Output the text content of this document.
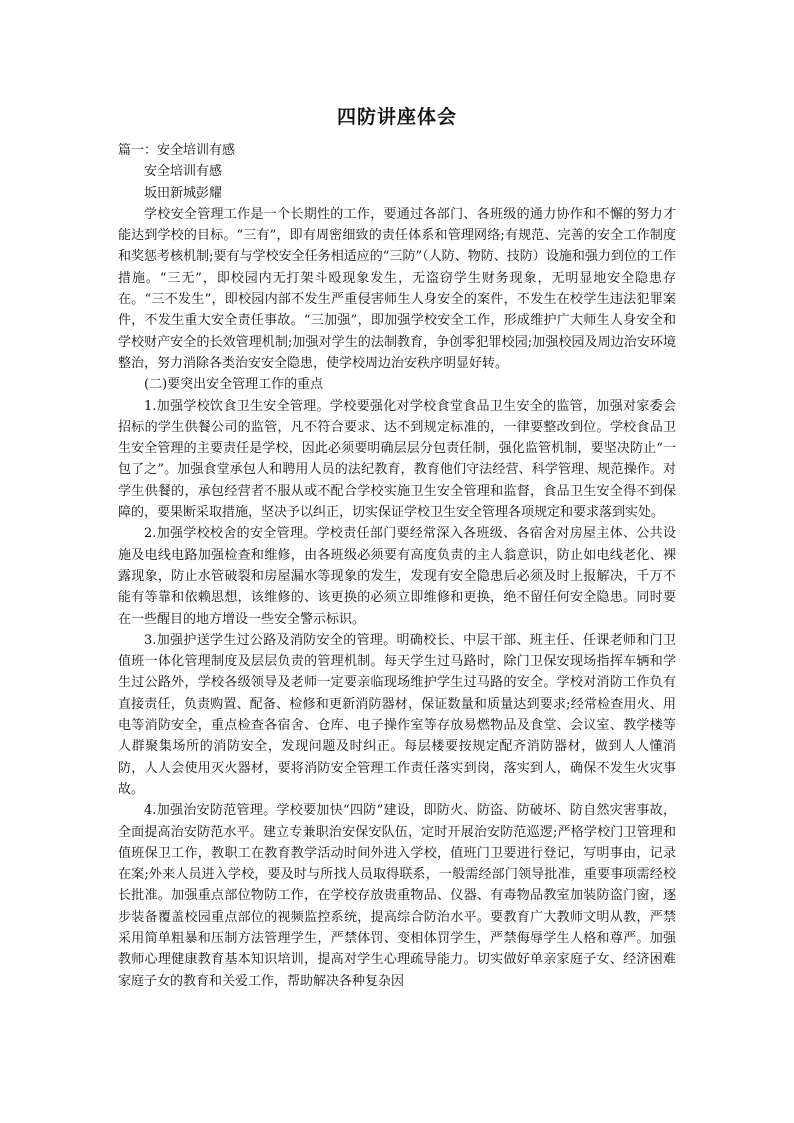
四防讲座体会

篇一：安全培训有感

安全培训有感

坂田新城彭耀

学校安全管理工作是一个长期性的工作，要通过各部门、各班级的通力协作和不懈的努力才能达到学校的目标。“三有”，即有周密细致的责任体系和管理网络;有规范、完善的安全工作制度和奖惩考核机制;要有与学校安全任务相适应的“三防”（人防、物防、技防）设施和强力到位的工作措施。“三无”，即校园内无打架斗殴现象发生，无盗窃学生财务现象，无明显地安全隐患存在。“三不发生”，即校园内部不发生严重侵害师生人身安全的案件，不发生在校学生违法犯罪案件，不发生重大安全责任事故。“三加强”，即加强学校安全工作，形成维护广大师生人身安全和学校财产安全的长效管理机制;加强对学生的法制教育，争创零犯罪校园;加强校园及周边治安环境整治，努力消除各类治安安全隐患，使学校周边治安秩序明显好转。

(二)要突出安全管理工作的重点

1.加强学校饮食卫生安全管理。学校要强化对学校食堂食品卫生安全的监管，加强对家委会招标的学生供餐公司的监管，凡不符合要求、达不到规定标准的，一律要整改到位。学校食品卫生安全管理的主要责任是学校，因此必须要明确层层分包责任制，强化监管机制，要坚决防止“一包了之”。加强食堂承包人和聘用人员的法纪教育，教育他们守法经营、科学管理、规范操作。对学生供餐的，承包经营者不服从或不配合学校实施卫生安全管理和监督，食品卫生安全得不到保障的，要果断采取措施，坚决予以纠正，切实保证学校卫生安全管理各项规定和要求落到实处。

2.加强学校校舍的安全管理。学校责任部门要经常深入各班级、各宿舍对房屋主体、公共设施及电线电路加强检查和维修，由各班级必须要有高度负责的主人翁意识，防止如电线老化、裸露现象，防止水管破裂和房屋漏水等现象的发生，发现有安全隐患后必须及时上报解决，千万不能有等靠和依赖思想，该维修的、该更换的必须立即维修和更换，绝不留任何安全隐患。同时要在一些醒目的地方增设一些安全警示标识。

3.加强护送学生过公路及消防安全的管理。明确校长、中层干部、班主任、任课老师和门卫值班一体化管理制度及层层负责的管理机制。每天学生过马路时，除门卫保安现场指挥车辆和学生过公路外，学校各级领导及老师一定要亲临现场维护学生过马路的安全。学校对消防工作负有直接责任，负责购置、配备、检修和更新消防器材，保证数量和质量达到要求;经常检查用火、用电等消防安全，重点检查各宿舍、仓库、电子操作室等存放易燃物品及食堂、会议室、教学楼等人群聚集场所的消防安全，发现问题及时纠正。每层楼要按规定配齐消防器材，做到人人懂消防，人人会使用灭火器材，要将消防安全管理工作责任落实到岗，落实到人，确保不发生火灾事故。

4.加强治安防范管理。学校要加快“四防”建设，即防火、防盗、防破坏、防自然灾害事故，全面提高治安防范水平。建立专兼职治安保安队伍，定时开展治安防范巡逻;严格学校门卫管理和值班保卫工作，教职工在教育教学活动时间外进入学校，值班门卫要进行登记，写明事由，记录在案;外来人员进入学校，要及时与所找人员取得联系，一般需经部门领导批准，重要事项需经校长批准。加强重点部位物防工作，在学校存放贵重物品、仪器、有毒物品教室加装防盗门窗，逐步装备覆盖校园重点部位的视频监控系统，提高综合防治水平。要教育广大教师文明从教，严禁采用简单粗暴和压制方法管理学生，严禁体罚、变相体罚学生，严禁侮辱学生人格和尊严。加强教师心理健康教育基本知识培训，提高对学生心理疏导能力。切实做好单亲家庭子女、经济困难家庭子女的教育和关爱工作，帮助解决各种复杂因
